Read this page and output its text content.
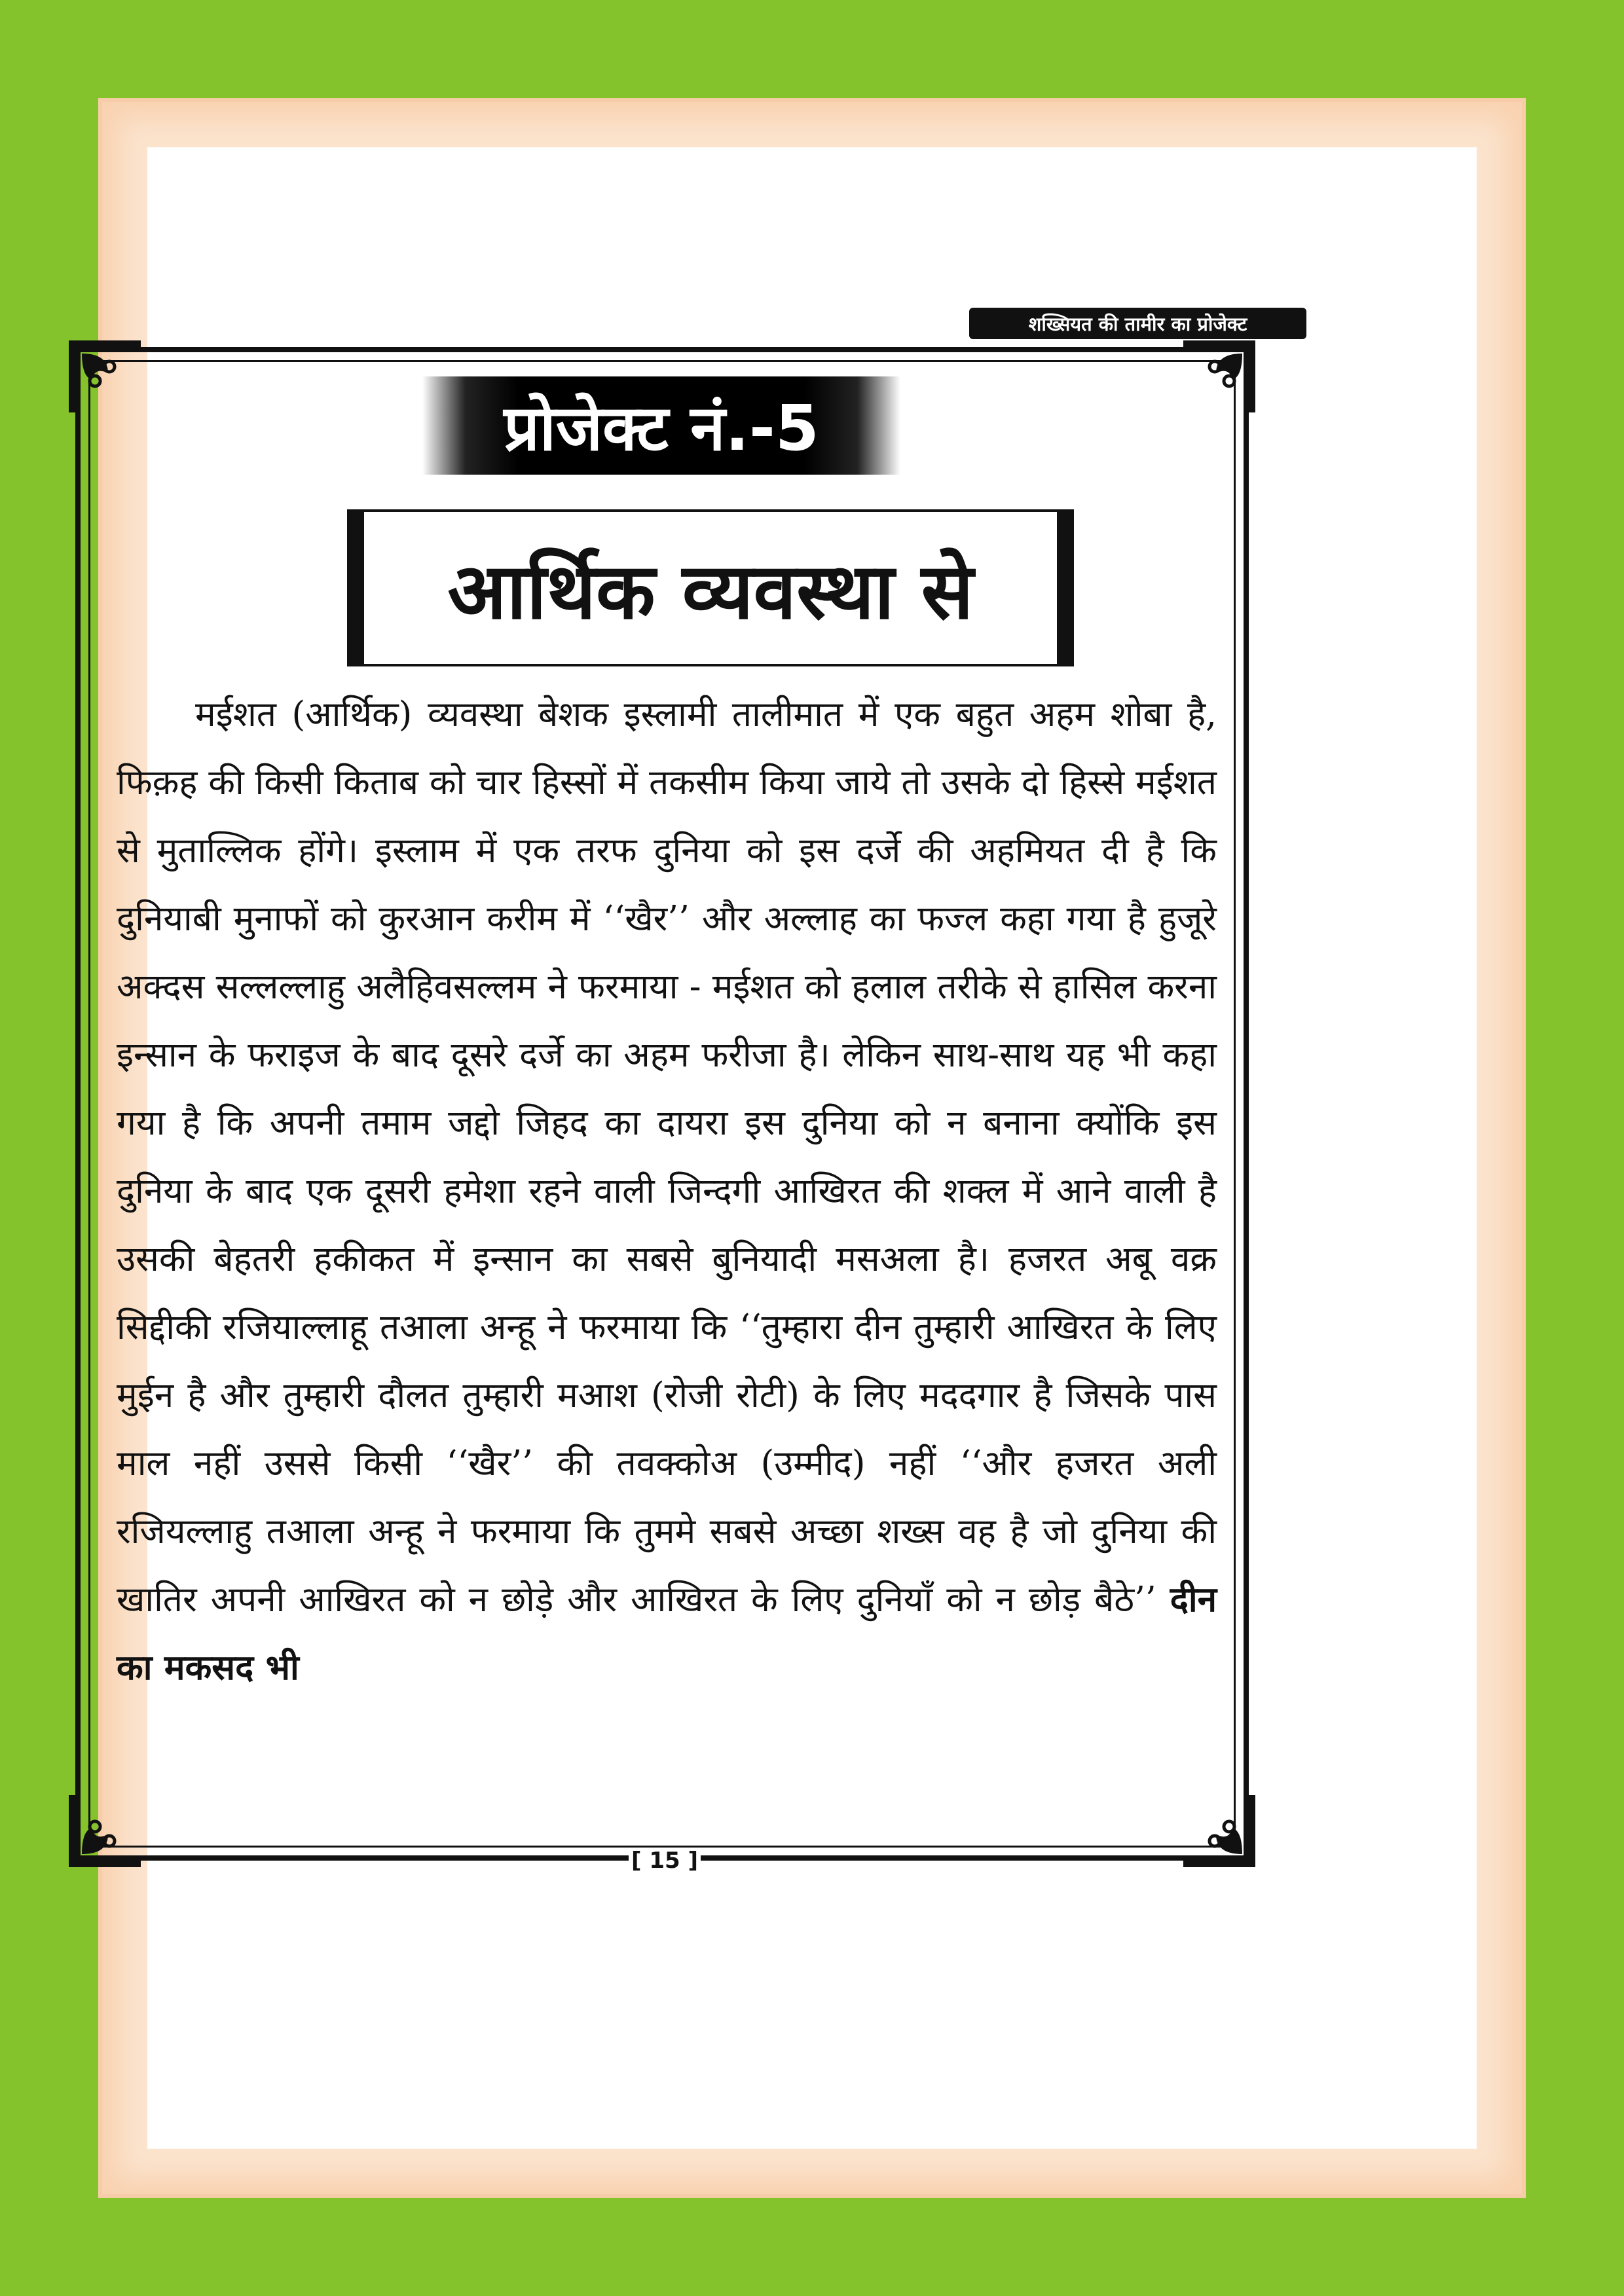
शख्सियत की तामीर का प्रोजेक्ट
प्रोजेक्ट नं.-5
आर्थिक व्यवस्था से
मईशत (आर्थिक) व्यवस्था बेशक इस्लामी तालीमात में एक बहुत अहम शोबा है, फिक़ह की किसी किताब को चार हिस्सों में तकसीम किया जाये तो उसके दो हिस्से मईशत से मुताल्लिक होंगे। इस्लाम में एक तरफ दुनिया को इस दर्जे की अहमियत दी है कि दुनियाबी मुनाफों को कुरआन करीम में ‘‘खैर’’ और अल्लाह का फज्ल कहा गया है हुजूरे अक्दस सल्लल्लाहु अलैहिवसल्लम ने फरमाया - मईशत को हलाल तरीके से हासिल करना इन्सान के फराइज के बाद दूसरे दर्जे का अहम फरीजा है। लेकिन साथ-साथ यह भी कहा गया है कि अपनी तमाम जद्दो जिहद का दायरा इस दुनिया को न बनाना क्योंकि इस दुनिया के बाद एक दूसरी हमेशा रहने वाली जिन्दगी आखिरत की शक्ल में आने वाली है उसकी बेहतरी हकीकत में इन्सान का सबसे बुनियादी मसअला है। हजरत अबू वक्र सिद्दीकी रजियाल्लाहू तआला अन्हू ने फरमाया कि ‘‘तुम्हारा दीन तुम्हारी आखिरत के लिए मुईन है और तुम्हारी दौलत तुम्हारी मआश (रोजी रोटी) के लिए मददगार है जिसके पास माल नहीं उससे किसी ‘‘खैर’’ की तवक्कोअ (उम्मीद) नहीं ‘‘और हजरत अली रजियल्लाहु तआला अन्हू ने फरमाया कि तुममे सबसे अच्छा शख्स वह है जो दुनिया की खातिर अपनी आखिरत को न छोड़े और आखिरत के लिए दुनियाँ को न छोड़ बैठे’’ दीन का मकसद भी
[ 15 ]
